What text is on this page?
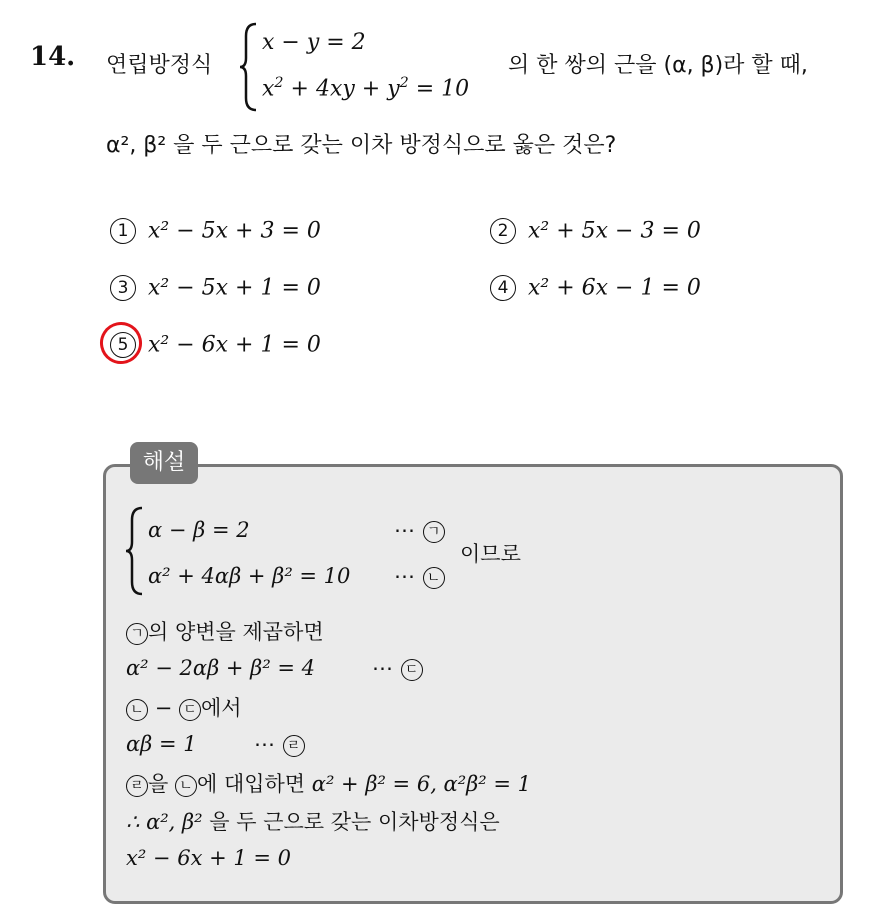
14. 연립방정식
x − y = 2
$x^2 + 4xy + y^2 = 10$
의 한 쌍의 근을 (α, β)라 할 때,
α², β² 을 두 근으로 갖는 이차 방정식으로 옳은 것은?
1 x² − 5x + 3 = 0	2 x² + 5x − 3 = 0
3 x² − 5x + 1 = 0	4 x² + 6x − 1 = 0
5 x² − 6x + 1 = 0
해설
α − β = 2	⋯ ㄱ
α² + 4αβ + β² = 10 ⋯ ㄴ
이므로
ㄱ 의 양변을 제곱하면
α² − 2αβ + β² = 4	⋯ ㄷ
ㄴ − ㄷ 에서
αβ = 1	⋯ ㄹ
ㄹ 을 ㄴ 에 대입하면 α² + β² = 6, α²β² = 1
∴ α², β² 을 두 근으로 갖는 이차방정식은
x² − 6x + 1 = 0
